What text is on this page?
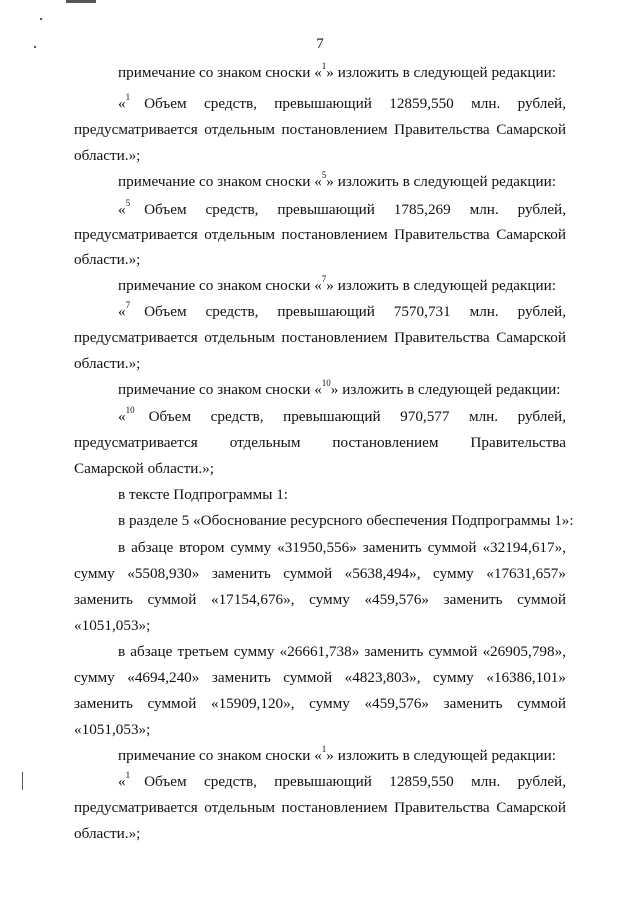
7
примечание со знаком сноски «$^1$» изложить в следующей редакции:
«$^1$ Объем средств, превышающий 12859,550 млн. рублей,
предусматривается отдельным постановлением Правительства Самарской
области.»;
примечание со знаком сноски «$^5$» изложить в следующей редакции:
«$^5$ Объем средств, превышающий 1785,269 млн. рублей,
предусматривается отдельным постановлением Правительства Самарской
области.»;
примечание со знаком сноски «$^7$» изложить в следующей редакции:
«$^7$ Объем средств, превышающий 7570,731 млн. рублей,
предусматривается отдельным постановлением Правительства Самарской
области.»;
примечание со знаком сноски «$^{10}$» изложить в следующей редакции:
«$^{10}$ Объем средств, превышающий 970,577 млн. рублей,
предусматривается отдельным постановлением Правительства
Самарской области.»;
в тексте Подпрограммы 1:
в разделе 5 «Обоснование ресурсного обеспечения Подпрограммы 1»:
в абзаце втором сумму «31950,556» заменить суммой «32194,617»,
сумму «5508,930» заменить суммой «5638,494», сумму «17631,657»
заменить суммой «17154,676», сумму «459,576» заменить суммой
«1051,053»;
в абзаце третьем сумму «26661,738» заменить суммой «26905,798»,
сумму «4694,240» заменить суммой «4823,803», сумму «16386,101»
заменить суммой «15909,120», сумму «459,576» заменить суммой
«1051,053»;
примечание со знаком сноски «$^1$» изложить в следующей редакции:
«$^1$ Объем средств, превышающий 12859,550 млн. рублей,
предусматривается отдельным постановлением Правительства Самарской
области.»;
